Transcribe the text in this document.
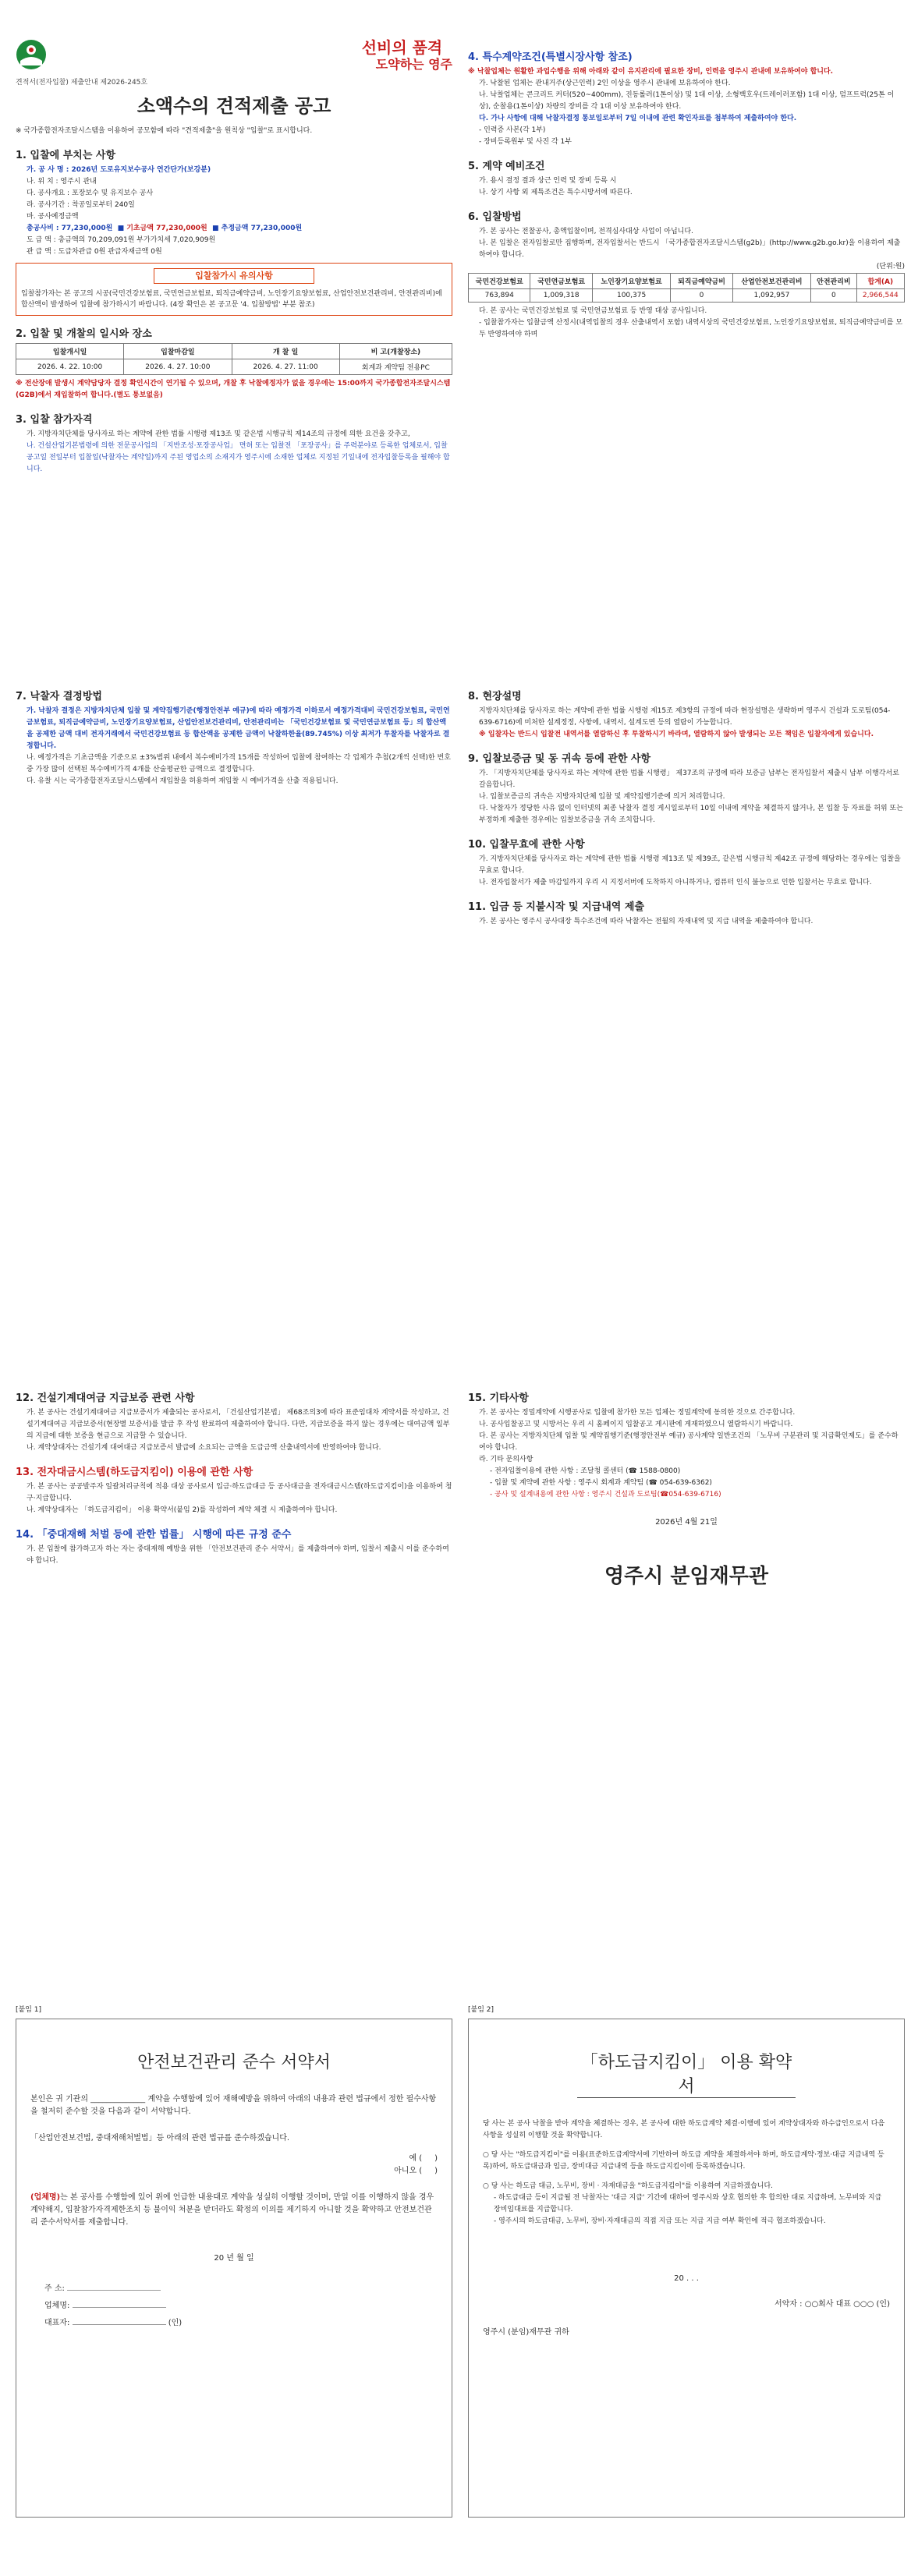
선비의 품격
도약하는 영주
견적서(전자입찰) 제출안내 제2026-245호
소액수의 견적제출 공고
※ 국가종합전자조달시스템을 이용하여 공모함에 따라 "견적제출"을 원칙상 "입찰"로 표시합니다.
1. 입찰에 부치는 사항
가. 공 사 명 : 2026년 도로유지보수공사 연간단가(보강분)
나. 위 치 : 영주시 관내
다. 공사개요 : 포장보수 및 유지보수 공사
라. 공사기간 : 착공일로부터 240일
마. 공사예정금액
총공사비 : 77,230,000원  ■ 기초금액 77,230,000원  ■ 추정금액 77,230,000원
도 급 액 : 총금액의 70,209,091원 부가가치세 7,020,909원
관 급 액 : 도급차관급 0원 관급자재금액 0원
입찰참가시 유의사항
입찰참가자는 본 공고의 시공(국민건강보험료, 국민연금보험료, 퇴직금예약금비, 노인장기요양보험료, 산업안전보건관리비, 안전관리비)에 합산액이 발생하여 입찰에 참가하시기 바랍니다. (4장 확인은 본 공고문 '4. 입찰방법' 부분 참조)
2. 입찰 및 개찰의 일시와 장소
입찰개시일	입찰마감일	개 찰 일	비 고(개찰장소)
2026. 4. 22. 10:00	2026. 4. 27. 10:00	2026. 4. 27. 11:00	회계과 계약팀 전용PC
※ 전산장애 발생시 계약담당자 결정 확인시간이 연기될 수 있으며, 개찰 후 낙찰예정자가 없을 경우에는 15:00까지 국가종합전자조달시스템(G2B)에서 재입찰하여 합니다.(별도 통보없음)
3. 입찰 참가자격
가. 지방자치단체를 당사자로 하는 계약에 관한 법률 시행령 제13조 및 같은법 시행규칙 제14조의 규정에 의한 요건을 갖추고,
나. 건설산업기본법령에 의한 전문공사업의 「지반조성·포장공사업」 면허 또는 입찰전 「포장공사」를 주력분야로 등록한 업체로서, 입찰공고일 전일부터 입찰일(낙찰자는 계약일)까지 주된 영업소의 소재지가 영주시에 소재한 업체로 지정된 기일내에 전자입찰등록을 필해야 합니다.
4. 특수계약조건(특별시장사항 참조)
※ 낙찰업체는 원활한 과업수행을 위해 아래와 같이 유지관리에 필요한 장비, 인력을 영주시 관내에 보유하여야 합니다.
가. 낙찰된 업체는 관내거주(상근인력) 2인 이상을 영주시 관내에 보유하여야 한다.
나. 낙찰업체는 콘크리트 커터(520~400mm), 진동롤러(1톤이상) 및 1대 이상, 소형백호우(트레이러포함) 1대 이상, 덤프트럭(25톤 이상), 순찰용(1톤이상) 차량의 장비를 각 1대 이상 보유하여야 한다.
다. 가나 사항에 대해 낙찰자결정 통보일로부터 7일 이내에 관련 확인자료를 첨부하여 제출하여야 한다.
- 인력증 사본(각 1부)
- 장비등록원부 및 사진 각 1부
5. 계약 예비조건
가. 용시 결정 결과 상근 인력 및 장비 등록 시
나. 상기 사항 외 제특조건은 특수시방서에 따른다.
6. 입찰방법
가. 본 공사는 전찰공사, 총액입찰이며, 전격심사대상 사업이 아닙니다.
나. 본 입찰은 전자입찰로만 집행하며, 전자입찰서는 반드시 「국가종합전자조달시스템(g2b)」(http://www.g2b.go.kr)을 이용하여 제출하여야 합니다.
(단위:원)
국민건강보험료	국민연금보험료	노인장기요양보험료	퇴직금예약금비	산업안전보건관리비	안전관리비	합계(A)
763,894	1,009,318	100,375	0	1,092,957	0	2,966,544
다. 본 공사는 국민건강보험료 및 국민연금보험료 등 반영 대상 공사입니다.
- 입찰참가자는 입찰금액 산정시(내역입찰의 경우 산출내역서 포함) 내역서상의 국민건강보험료, 노인장기요양보험료, 퇴직금예약금비를 모두 반영하여야 하며
7. 낙찰자 결정방법
가. 낙찰자 결정은 지방자치단체 입찰 및 계약집행기준(행정안전부 예규)에 따라 예정가격 이하로서 예정가격대비 국민건강보험료, 국민연금보험료, 퇴직금예약금비, 노인장기요양보험료, 산업안전보건관리비, 안전관리비는 「국민건강보험료 및 국민연금보험료 등」의 합산액을 공제한 금액 대비 전자거래에서 국민건강보험료 등 합산액을 공제한 금액이 낙찰하한율(89.745%) 이상 최저가 투찰자를 낙찰자로 결정합니다.
나. 예정가격은 기초금액을 기준으로 ±3%범위 내에서 복수예비가격 15개를 작성하여 입찰에 참여하는 각 업체가 추첨(2개씩 선택)한 번호 중 가장 많이 선택된 복수예비가격 4개를 산술평균한 금액으로 결정합니다.
다. 유찰 시는 국가종합전자조달시스템에서 재입찰을 허용하여 재입찰 시 예비가격을 산출 적용됩니다.
8. 현장설명
지방자치단체를 당사자로 하는 계약에 관한 법률 시행령 제15조 제3항의 규정에 따라 현장설명은 생략하며 영주시 건설과 도로팀(054-639-6716)에 미처한 설계정정, 사항에, 내역서, 설계도면 등의 열람이 가능합니다.
※ 입찰자는 반드시 입찰전 내역서를 열람하신 후 투찰하시기 바라며, 열람하지 않아 발생되는 모든 책임은 입찰자에게 있습니다.
9. 입찰보증금 및 동 귀속 등에 관한 사항
가. 「지방자치단체를 당사자로 하는 계약에 관한 법률 시행령」 제37조의 규정에 따라 보증금 납부는 전자입찰서 제출시 납부 이행각서로 갈음합니다.
나. 입찰보증금의 귀속은 지방자치단체 입찰 및 계약집행기준에 의거 처리합니다.
다. 낙찰자가 정당한 사유 없이 인터넷의 최종 낙찰자 결정 게시일로부터 10일 이내에 계약을 체결하지 않거나, 본 입찰 등 자료를 허위 또는 부정하게 제출한 경우에는 입찰보증금을 귀속 조치합니다.
10. 입찰무효에 관한 사항
가. 지방자치단체를 당사자로 하는 계약에 관한 법률 시행령 제13조 및 제39조, 같은법 시행규칙 제42조 규정에 해당하는 경우에는 입찰을 무효로 합니다.
나. 전자입찰서가 제출 마감일까지 우리 시 지정서버에 도착하지 아니하거나, 컴퓨터 인식 불능으로 인한 입찰서는 무효로 합니다.
11. 입금 등 지불시작 및 지급내역 제출
가. 본 공사는 영주시 공사대장 특수조건에 따라 낙찰자는 전월의 자재내역 및 지급 내역을 제출하여야 합니다.
12. 건설기계대여금 지급보증 관련 사항
가. 본 공사는 건설기계대여금 지급보증서가 제출되는 공사로서, 「건설산업기본법」 제68조의3에 따라 표준임대차 계약서를 작성하고, 건설기계대여금 지급보증서(현장별 보증서)를 발급 후 작성 완료하여 제출하여야 합니다. 다만, 지급보증을 하지 않는 경우에는 대여금액 일부의 지급에 대한 보증을 현금으로 지급할 수 있습니다.
나. 계약상대자는 건설기계 대여대금 지급보증서 발급에 소요되는 금액을 도급금액 산출내역서에 반영하여야 합니다.
13. 전자대금시스템(하도급지킴이) 이용에 관한 사항
가. 본 공사는 공공발주자 일괄처리규칙에 적용 대상 공사로서 입금·하도급대금 등 공사대금을 전자대금시스템(하도급지킴이)을 이용하여 청구·지급합니다.
나. 계약상대자는 「하도급지킴이」 이용 확약서(붙임 2)를 작성하여 계약 체결 시 제출하여야 합니다.
14. 「중대재해 처벌 등에 관한 법률」 시행에 따른 규정 준수
가. 본 입찰에 참가하고자 하는 자는 중대재해 예방을 위한 「안전보건관리 준수 서약서」를 제출하여야 하며, 입찰서 제출시 이를 준수하여야 합니다.
15. 기타사항
가. 본 공사는 정밀계약에 시행공사로 입찰에 참가한 모든 업체는 정밀계약에 동의한 것으로 간주합니다.
나. 공사입찰공고 및 시방서는 우리 시 홈페이지 입찰공고 게시판에 게재하였으니 열람하시기 바랍니다.
다. 본 공사는 지방자치단체 입찰 및 계약집행기준(행정안전부 예규) 공사계약 일반조건의 「노무비 구분관리 및 지급확인제도」를 준수하여야 합니다.
라. 기타 문의사항
- 전자입찰이용에 관한 사항 : 조달청 콜센터 (☎ 1588-0800)
- 입찰 및 계약에 관한 사항 : 영주시 회계과 계약팀 (☎ 054-639-6362)
- 공사 및 설계내용에 관한 사항 : 영주시 건설과 도로팀(☎054-639-6716)
2026년 4월 21일
영주시 분임재무관
[붙임 1]
안전보건관리 준수 서약서
본인은 귀 기관의 ______________ 계약을 수행함에 있어 재해예방을 위하여 아래의 내용과 관련 법규에서 정한 필수사항을 철저히 준수할 것을 다음과 같이 서약합니다.
「산업안전보건법, 중대재해처벌법」등 아래의 관련 법규를 준수하겠습니다.
예 (     )
아니오 (     )
(업체명)는 본 공사를 수행함에 있어 위에 언급한 내용대로 계약을 성실히 이행할 것이며, 만일 이를 이행하지 않을 경우 계약해지, 입찰참가자격제한조치 등 불이익 처분을 받더라도 확정의 이의를 제기하지 아니할 것을 확약하고 안전보건관리 준수서약서를 제출합니다.
20 년 월 일
주 소:
업체명:
대표자:	(인)
[붙임 2]
「하도급지킴이」 이용 확약서
당 사는 본 공사 낙찰을 받아 계약을 체결하는 경우, 본 공사에 대한 하도급계약 체결·이행에 있어 계약상대자와 하수급인으로서 다음 사항을 성실히 이행할 것을 확약합니다.
○ 당 사는 "하도급지킴이"를 이용(표준하도급계약서에 기반하여 하도급 계약을 체결하셔야 하며, 하도급계약·정보·대금 지급내역 등록)하여, 하도급대금과 임금, 장비대금 지급내역 등을 하도급지킴이에 등록하겠습니다.
○ 당 사는 하도급 대금, 노무비, 장비 · 자재대금을 "하도급지킴이"를 이용하여 지급하겠습니다.
- 하도급대금 등이 지급될 전 낙찰자는 '대금 지급' 기간에 대하여 영주시와 상호 협의한 후 합의한 대로 지급하며, 노무비와 지급 장비임대료를 지급합니다.
- 영주시의 하도급대금, 노무비, 장비·자재대금의 직접 지급 또는 지급 지급 여부 확인에 적극 협조하겠습니다.
20 . . .
서약자 : ○○회사 대표 ○○○ (인)
영주시 (분임)재무관 귀하
